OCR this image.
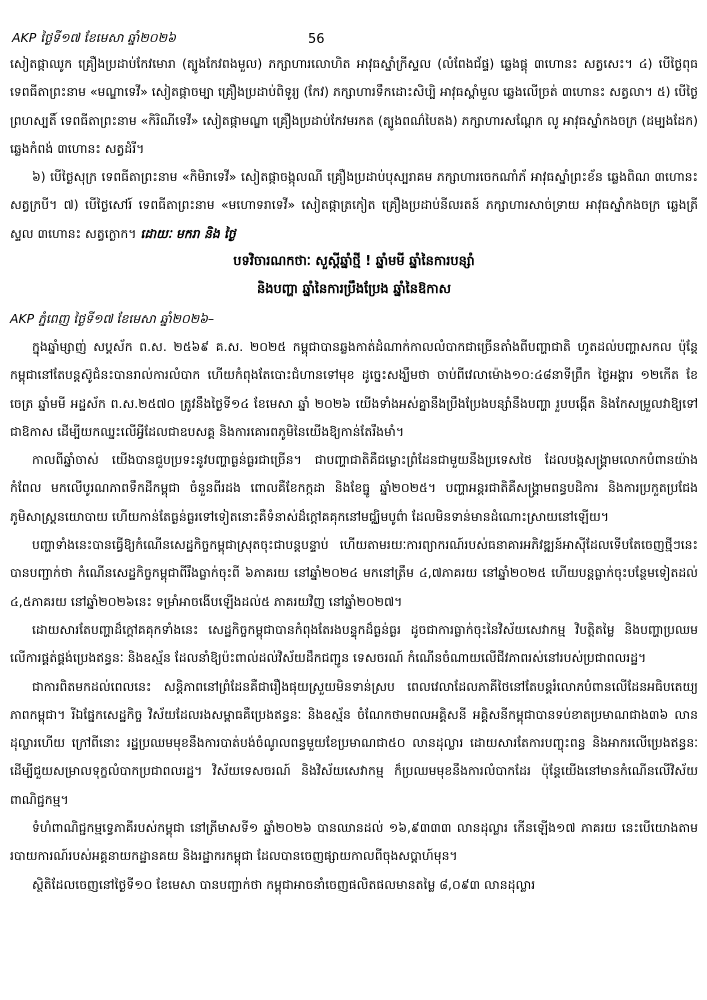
AKP ថ្ងៃទី១៧ ខែមេសា ឆ្នាំ២០២៦	56

សៀតផ្កាឈូក គ្រឿងប្រដាប់កែវមោរា (ត្បូងកែវពងមួល) ភក្សាហារលោហិត អាវុធស្នាំក្រីស្ទល (លំពែងជ័ផ្ទ) ឆ្លេងផ្តុ ៣ហោនះ សត្វសេះ។ ៤) បើថ្ងៃពុធ ទេពធីតាព្រះនាម «មណ្ឌាទេវី» សៀតផ្កាចម្បា គ្រឿងប្រដាប់ពិទូរ្យ (កែវ) ភក្សាហារទឹកដោះសិប្បិ អាវុធស្ពាំមួល ឆ្លេងលើច្រត់ ៣ហោនះ សត្វលា។ ៥) បើថ្ងៃព្រហស្បតិ៍ ទេពធីតាព្រះនាម «កិរិណីទេវី» សៀតផ្កាមណ្ឌា គ្រឿងប្រដាប់កែវមរកត (ត្បូងពណ៌បៃតង) ភក្សាហារសណ្តែក លូ អាវុធស្នាំកងចក្រ (ដម្បងដែក) ឆ្លេងកំពង់ ៣ហោនះ សត្វដំរី។

៦) បើថ្ងៃសុក្រ ទេពធីតាព្រះនាម «កិមិរាទេវី» សៀតផ្កាចង្កុលណី គ្រឿងប្រដាប់បុស្បរាគម ភក្សាហារចេកណាំភ័ អាវុធស្នាំព្រះខ័ន ឆ្លេងពិណ ៣ហោនះ សត្វក្របី។ ៧) បើថ្ងៃសៅរ៍ ទេពធីតាព្រះនាម «មហោទរាទេវី» សៀតផ្កាត្រកៀត គ្រឿងប្រដាប់នីលរតន៍ ភក្សាហារសាច់ទ្រាយ អាវុធស្នាំកងចក្រ ឆ្លេងត្រីស្ទល ៣ហោនះ សត្វក្ងោក។ ដោយៈ មករា និង ថ្ងៃ

បទវិចារណកថាៈ សួស្តីឆ្នាំថ្មី ! ឆ្នាំមមី ឆ្នាំនៃការបន្សាំ

និងបញ្ហា ឆ្នាំនៃការប្រឹងប្រែង ឆ្នាំនៃឱកាស

AKP ភ្នំពេញ ថ្ងៃទី១៧ ខែមេសា ឆ្នាំ២០២៦–

ក្នុងឆ្នាំម្សាញ់ សប្តស័ក ព.ស. ២៥៦៩ គ.ស. ២០២៥ កម្ពុជាបានឆ្លងកាត់ដំណាក់កាលលំបាកជាច្រើនតាំងពីបញ្ហាជាតិ ហូតដល់បញ្ហាសកល ប៉ុន្តែកម្ពុជានៅតែបន្តស៊ូជំនះបានរាល់ការលំបាក ហើយកំពុងតែបោះជំហានទៅមុខ ដូច្នេះសង្ឃឹមថា ចាប់ពីវេលាម៉ោង១០:៤៨នាទីព្រឹក ថ្ងៃអង្គារ ១២កើត ខែចេត្រ ឆ្នាំមមី អដ្ឋស័ក ព.ស.២៥៧០ ត្រូវនឹងថ្ងៃទី១៤ ខែមេសា ឆ្នាំ ២០២៦ យើងទាំងអស់គ្នានឹងប្រឹងប្រែងបន្សាំនឹងបញ្ហា រួបបង្កើត និងកែសម្រួលវាឱ្យទៅជាឱកាស ដើម្បីយកឈ្នះលើអ្វីដែលជាឧបសគ្គ និងការគោរពភូមិនៃយើងឱ្យកាន់តែរឹងមាំ។

កាលពីឆ្នាំចាស់ យើងបានជួបប្រទះនូវបញ្ហាធ្ងន់ធ្ងរជាច្រើន។ ជាបញ្ហាជាតិគឺជម្លោះព្រំដែនជាមួយនឹងប្រទេសថៃ ដែលបង្កសង្គ្រាមលោកបំពានយ៉ាងកំពែល មកលើបូរណភាពទឹកដីកម្ពុជា ចំនួនពីរដង ពោលគឺខែកក្កដា និងខែធ្នូ ឆ្នាំ២០២៥។ បញ្ហាអន្តរជាតិគឺសង្គ្រាមពន្ធបដិការ និងការប្រកួតប្រជែងភូមិសាស្ត្រនយោបាយ ហើយកាន់តែធ្ងន់ធ្ងរទៅទៀតនោះគឺទំនាស់ដ៏ក្តៅគគុកនៅមជ្ឈិមបូព៌ា ដែលមិនទាន់មានដំណោះស្រាយនៅឡើយ។

បញ្ហាទាំងនេះបានធ្វើឱ្យកំណើនសេដ្ឋកិច្ចកម្ពុជាស្រុតចុះជាបន្តបន្ទាប់ ហើយតាមរយៈការព្យាករណ៍របស់ធនាគារអភិវឌ្ឍន៍អាស៊ីដែលទើបតែចេញថ្មីៗនេះបានបញ្ជាក់ថា កំណើនសេដ្ឋកិច្ចកម្ពុជាពីរឹងធ្លាក់ចុះពី ៦ភាគរយ នៅឆ្នាំ២០២៤ មកនៅត្រឹម ៤,៧ភាគរយ នៅឆ្នាំ២០២៥ ហើយបន្តធ្លាក់ចុះបន្ថែមទៀតដល់ ៤,៥ភាគរយ នៅឆ្នាំ២០២៦នេះ ទម្រាំអាចងើបឡើងដល់៥ ភាគរយវិញ នៅឆ្នាំ២០២៧។

ដោយសារតែបញ្ហាដ៏ក្តៅគគុកទាំងនេះ សេដ្ឋកិច្ចកម្ពុជាបានកំពុងតែរងបន្ទុកដ៏ធ្ងន់ធ្ងរ ដូចជាការធ្លាក់ចុះនៃវិស័យសេវាកម្ម វិបត្តិតម្លៃ និងបញ្ហាប្រឈមលើការផ្គត់ផ្គង់ប្រេងឥន្ធនៈ និងឧស្ម័ន ដែលនាំឱ្យប៉ះពាល់ដល់វិស័យដឹកជញ្ជូន ទេសចរណ៍ កំណើនចំណាយលើជីវភាពរស់នៅរបស់ប្រជាពលរដ្ឋ។

ជាការពិតមកដល់ពេលនេះ សន្តិភាពនៅព្រំដែនគឺជារឿងផុយស្រួយមិនទាន់ស្រប ពេលវេលាដែលភាគីថៃនៅតែបន្តរំលោភបំពានលើដែនអធិបតេយ្យភាពកម្ពុជា។ រីឯផ្នែកសេដ្ឋកិច្ច វិស័យដែលរងសម្ពាធគឺប្រេងឥន្ធនៈ និងឧស្ម័ន ចំណែកថាមពលអគ្គិសនី អគ្គិសនីកម្ពុជាបានទប់ខាតប្រមាណជាង៣៦ លានដុល្លារហើយ ក្រៅពីនោះ រដ្ឋប្រឈមមុខនឹងការបាត់បង់ចំណូលពន្ធមួយខែប្រមាណជា៥០ លានដុល្លារ ដោយសារតែការបញ្ចុះពន្ធ និងអាករលើប្រេងឥន្ធនៈ ដើម្បីជួយសម្រាលទុក្ខលំបាកប្រជាពលរដ្ឋ។ វិស័យទេសចរណ៍ និងវិស័យសេវាកម្ម ក៏ប្រឈមមុខនឹងការលំបាកដែរ ប៉ុន្តែយើងនៅមានកំណើនលើវិស័យពាណិជ្ជកម្ម។

ទំហំពាណិជ្ជកម្មទ្វេភាគីរបស់កម្ពុជា នៅត្រីមាសទី១ ឆ្នាំ២០២៦ បានឈានដល់ ១៦,៩៣៣៣ លានដុល្លារ កើនឡើង១៧ ភាគរយ នេះបើយោងតាមរបាយការណ៍របស់អគ្គនាយកដ្ឋានគយ និងរដ្ឋាករកម្ពុជា ដែលបានចេញផ្សាយកាលពីចុងសប្តាហ៍មុន។

ស្ថិតិដែលចេញនៅថ្ងៃទី១០ ខែមេសា បានបញ្ជាក់ថា កម្ពុជាអាចនាំចេញផលិតផលមានតម្លៃ ៨,០៩៣ លានដុល្លារ
